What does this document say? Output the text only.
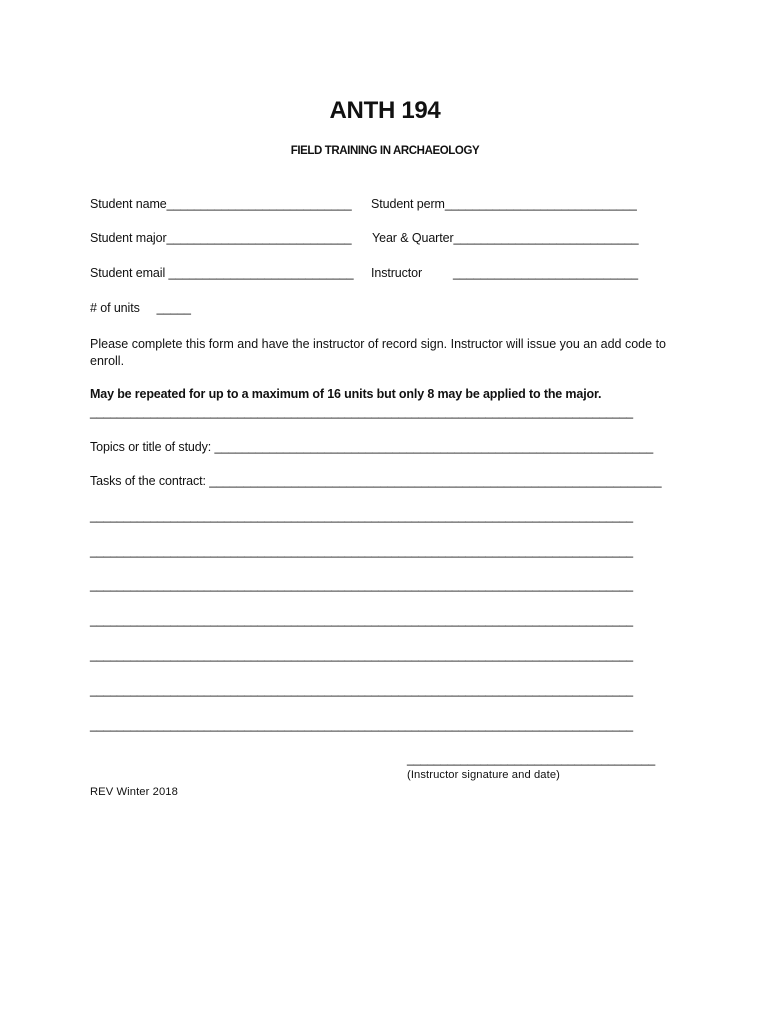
ANTH 194
FIELD TRAINING IN ARCHAEOLOGY
Student name___________________________ Student perm____________________________
Student major___________________________ Year & Quarter___________________________
Student email ___________________________ Instructor ___________________________
# of units     _____
Please complete this form and have the instructor of record sign. Instructor will issue you an add code to enroll.
May be repeated for up to a maximum of 16 units but only 8 may be applied to the major.
_________________________________________________________________________________
Topics or title of study: ________________________________________________________________
Tasks of the contract: __________________________________________________________________
_________________________________________________________________________________
_________________________________________________________________________________
_________________________________________________________________________________
_________________________________________________________________________________
_________________________________________________________________________________
_________________________________________________________________________________
_________________________________________________________________________________
_____________________________________
(Instructor signature and date)
REV Winter 2018
